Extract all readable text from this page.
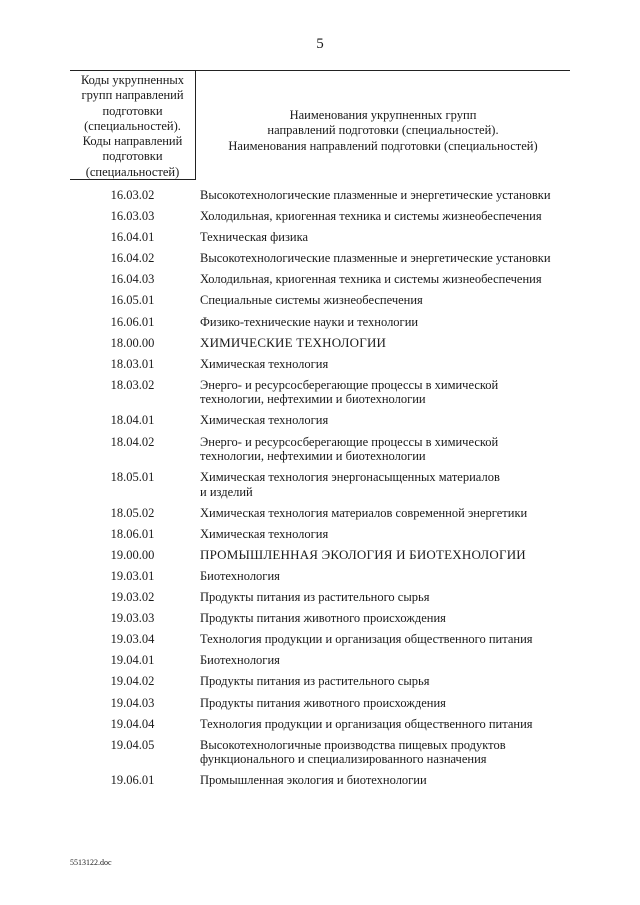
5
Коды укрупненных
групп направлений
подготовки
(специальностей).
Коды направлений
подготовки
(специальностей)
Наименования укрупненных групп
направлений подготовки (специальностей).
Наименования направлений подготовки (специальностей)
16.03.02	Высокотехнологические плазменные и энергетические установки
16.03.03	Холодильная, криогенная техника и системы жизнеобеспечения
16.04.01	Техническая физика
16.04.02	Высокотехнологические плазменные и энергетические установки
16.04.03	Холодильная, криогенная техника и системы жизнеобеспечения
16.05.01	Специальные системы жизнеобеспечения
16.06.01	Физико-технические науки и технологии
18.00.00	ХИМИЧЕСКИЕ ТЕХНОЛОГИИ
18.03.01	Химическая технология
18.03.02	Энерго- и ресурсосберегающие процессы в химической
технологии, нефтехимии и биотехнологии
18.04.01	Химическая технология
18.04.02	Энерго- и ресурсосберегающие процессы в химической
технологии, нефтехимии и биотехнологии
18.05.01	Химическая технология энергонасыщенных материалов
и изделий
18.05.02	Химическая технология материалов современной энергетики
18.06.01	Химическая технология
19.00.00	ПРОМЫШЛЕННАЯ ЭКОЛОГИЯ И БИОТЕХНОЛОГИИ
19.03.01	Биотехнология
19.03.02	Продукты питания из растительного сырья
19.03.03	Продукты питания животного происхождения
19.03.04	Технология продукции и организация общественного питания
19.04.01	Биотехнология
19.04.02	Продукты питания из растительного сырья
19.04.03	Продукты питания животного происхождения
19.04.04	Технология продукции и организация общественного питания
19.04.05	Высокотехнологичные производства пищевых продуктов
функционального и специализированного назначения
19.06.01	Промышленная экология и биотехнологии
5513122.doc
